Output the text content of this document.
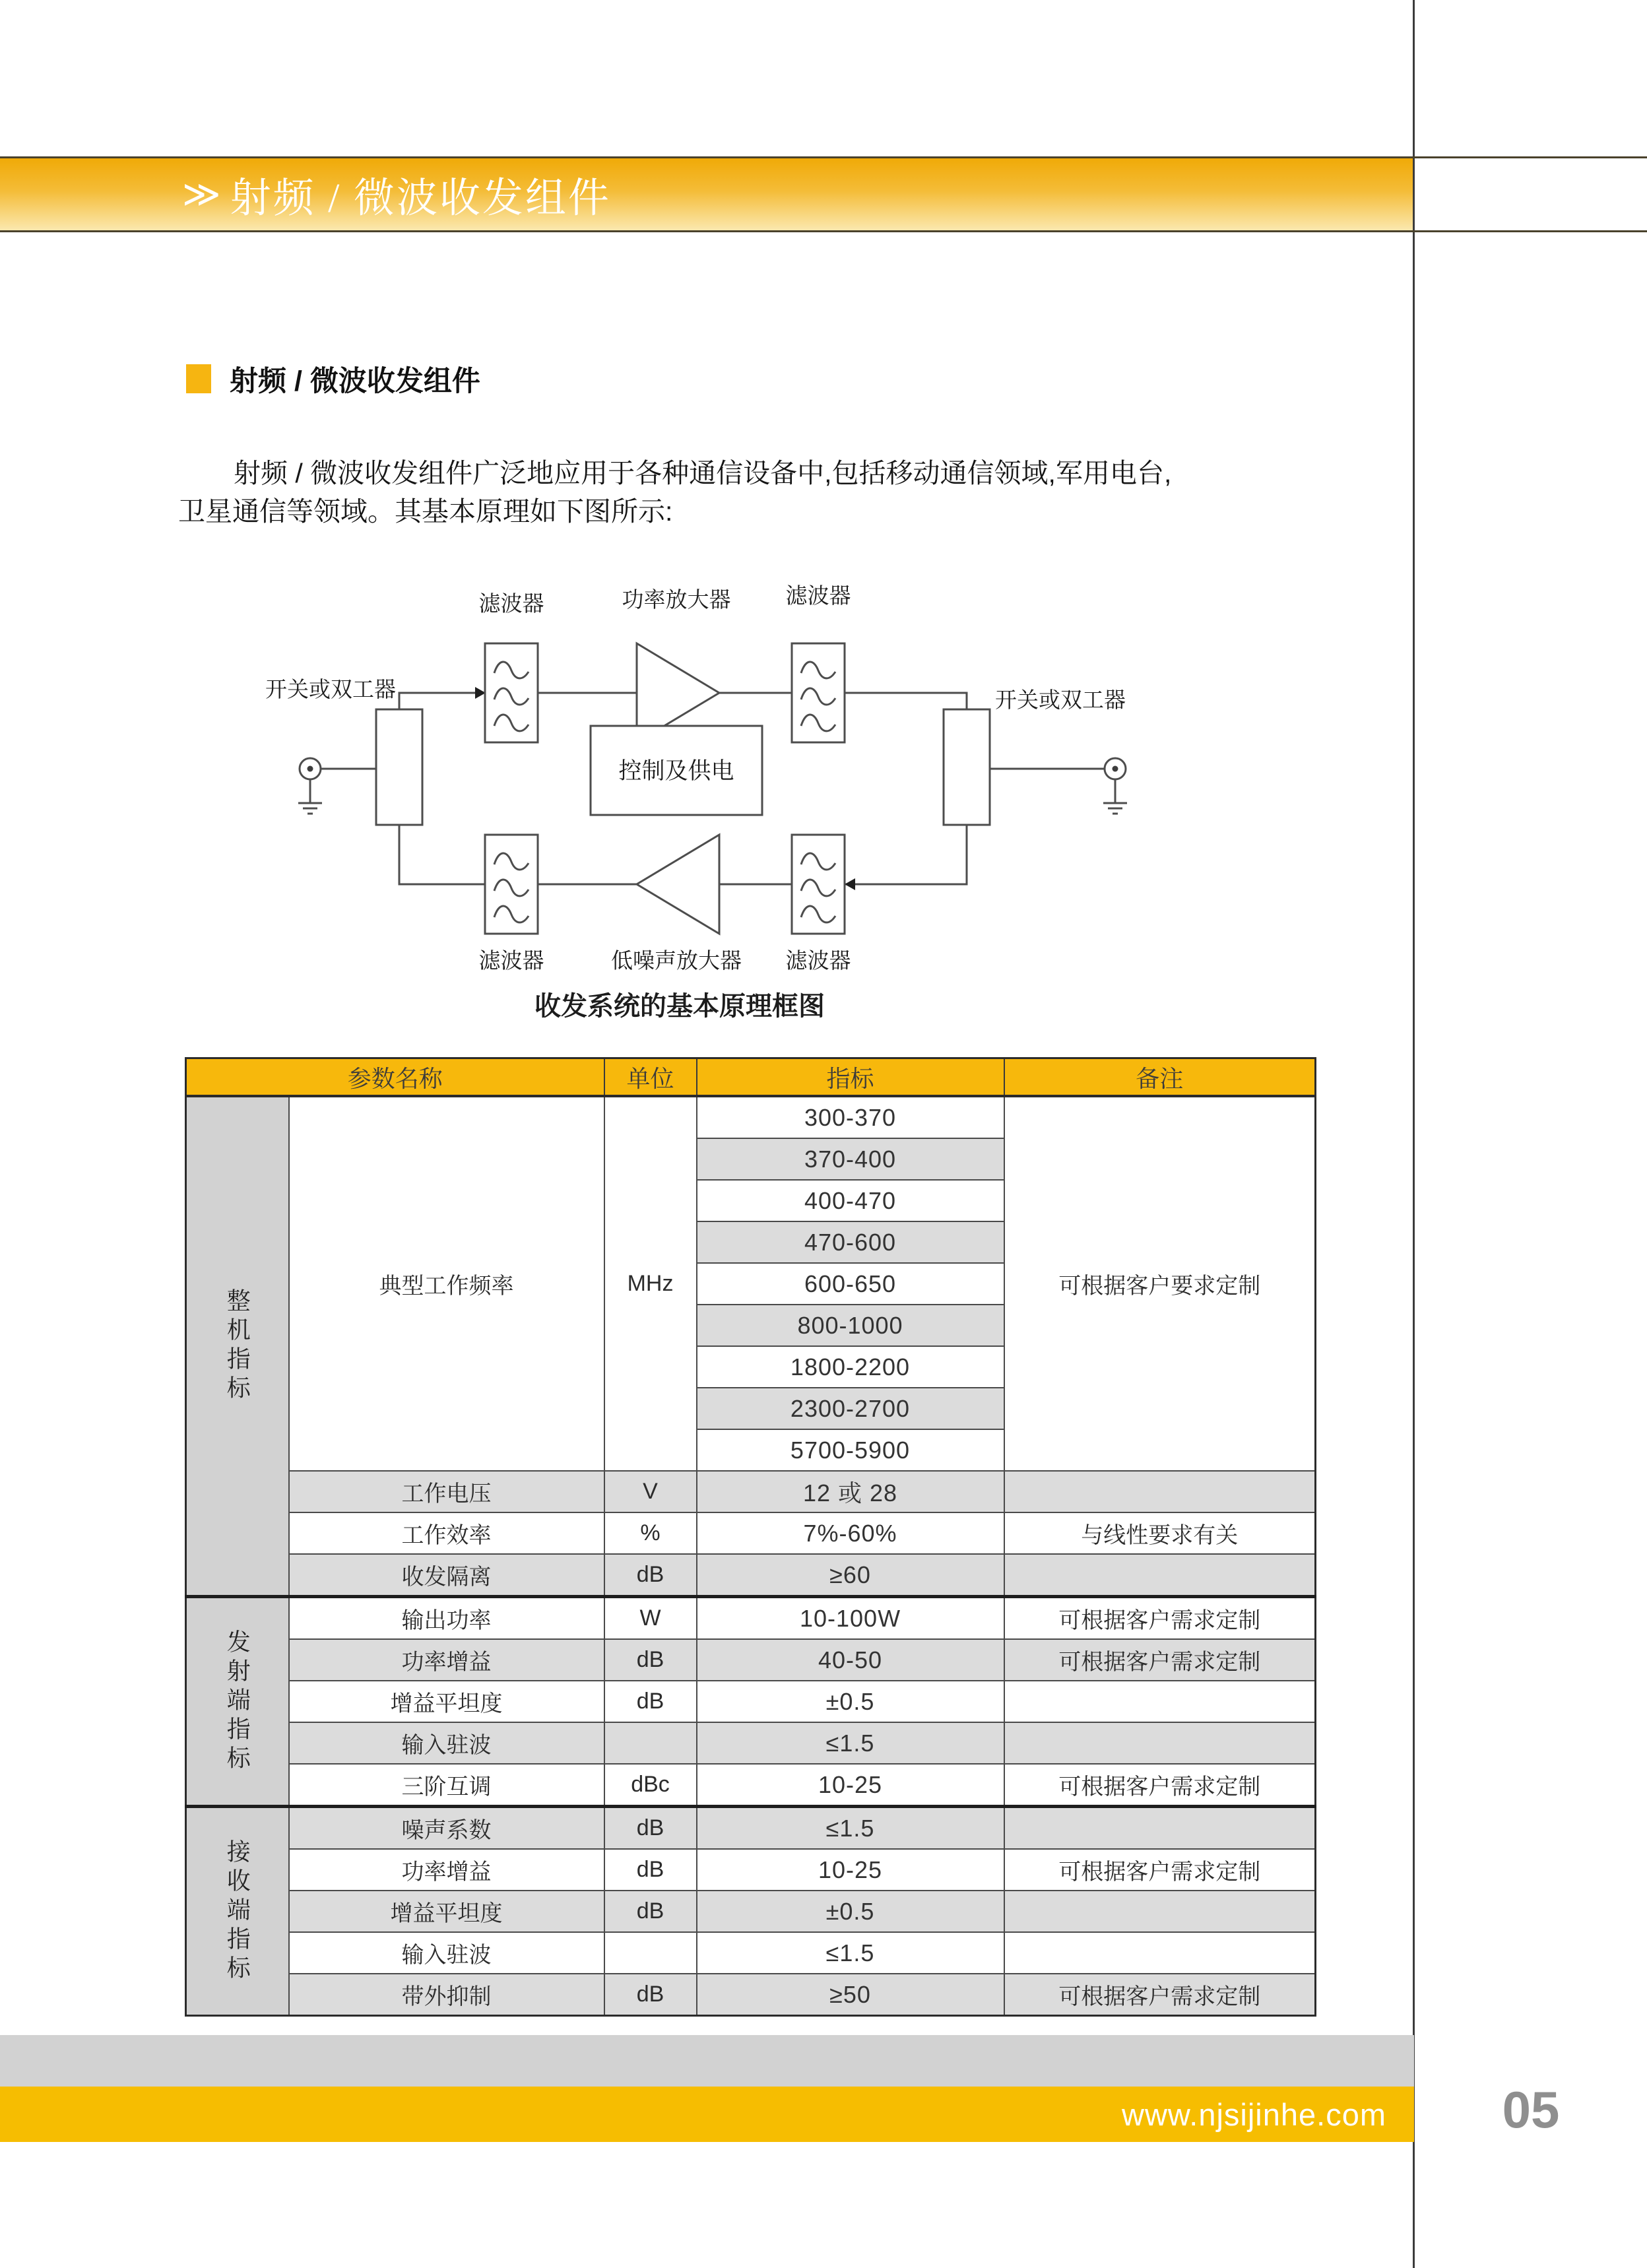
≫ 射频 / 微波收发组件
射频 / 微波收发组件
射频 / 微波收发组件广泛地应用于各种通信设备中,包括移动通信领域,军用电台,
卫星通信等领域。其基本原理如下图所示:
滤波器	功率放大器	滤波器
开关或双工器	开关或双工器
控制及供电
滤波器	低噪声放大器 滤波器
收发系统的基本原理框图
参数名称		单位	指标	备注
整机指标	典型工作频率	MHz	300-370	可根据客户要求定制
			370-400	
			400-470	
			470-600	
			600-650	
			800-1000	
			1800-2200	
			2300-2700	
			5700-5900	
	工作电压	V	12 或 28	
	工作效率	%	7%-60%	与线性要求有关
	收发隔离	dB	≥60	
发射端指标	输出功率	W	10-100W	可根据客户需求定制
	功率增益	dB	40-50	可根据客户需求定制
	增益平坦度	dB	±0.5	
	输入驻波		≤1.5	
	三阶互调	dBc	10-25	可根据客户需求定制
接收端指标	噪声系数	dB	≤1.5	
	功率增益	dB	10-25	可根据客户需求定制
	增益平坦度	dB	±0.5	
	输入驻波		≤1.5	
	带外抑制	dB	≥50	可根据客户需求定制
www.njsijinhe.com	05
